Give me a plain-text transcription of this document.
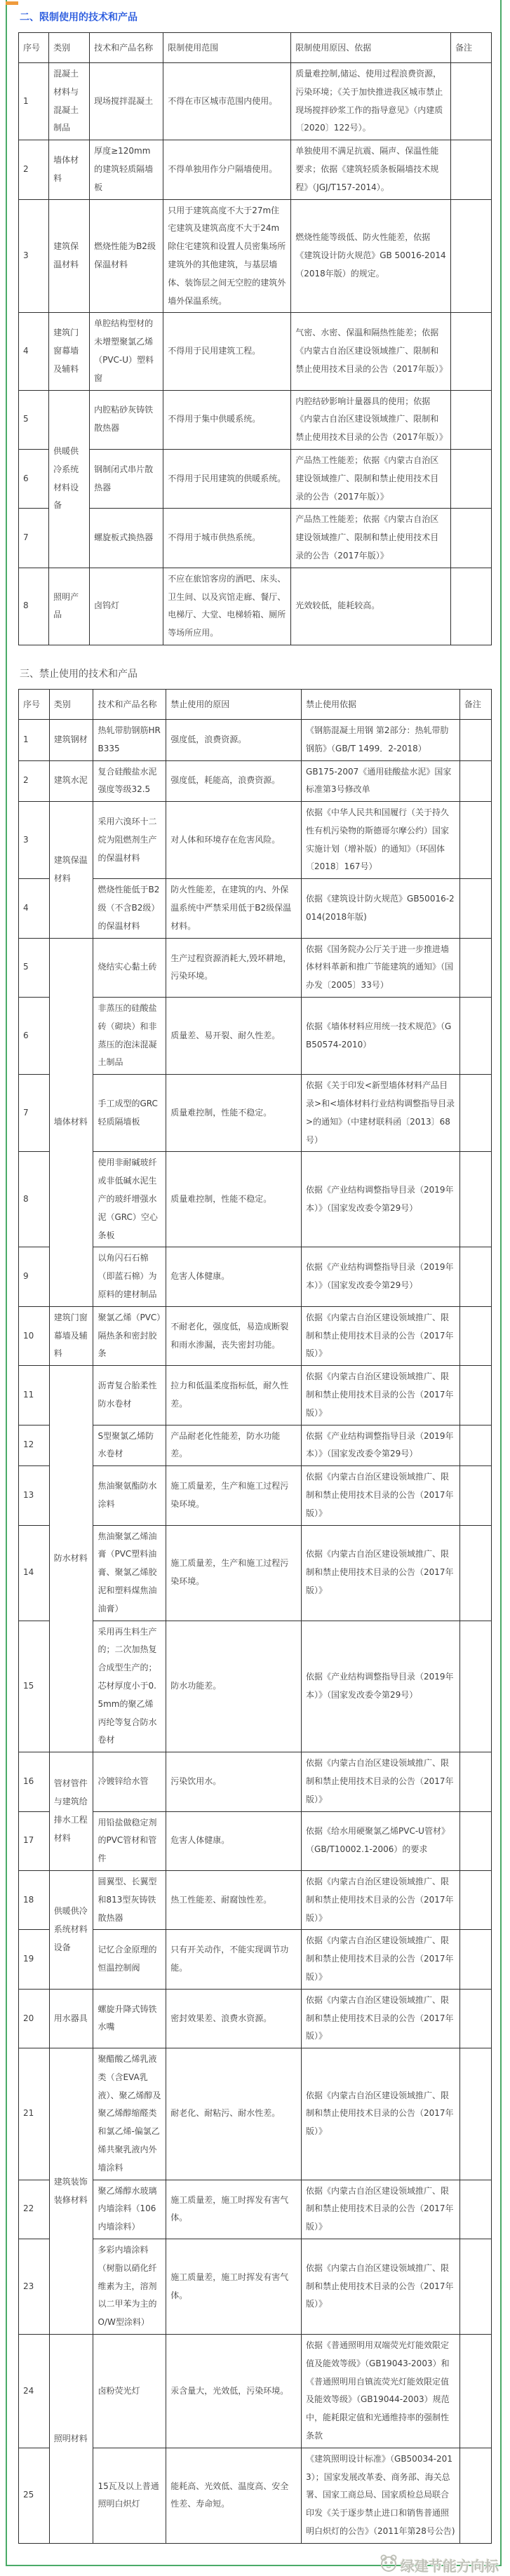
二、限制使用的技术和产品
序号	类别	技术和产品名称	限制使用范围	限制使用原因、依据	备注
1	混凝土材料与混凝土制品	现场搅拌混凝土	不得在市区城市范围内使用。	质量难控制,储运、使用过程浪费资源，污染环境；《关于加快推进我区城市禁止现场搅拌砂浆工作的指导意见》（内建质〔2020〕122号）。	
2	墙体材料	厚度≥120mm的建筑轻质隔墙板	不得单独用作分户隔墙使用。	单独使用不满足抗震、隔声、保温性能要求；依据《建筑轻质条板隔墙技术规程》（JGJ/T157-2014）。	
3	建筑保温材料	燃烧性能为B2级保温材料	只用于建筑高度不大于27m住宅建筑及建筑高度不大于24m除住宅建筑和设置人员密集场所建筑外的其他建筑，与基层墙体、装饰层之间无空腔的建筑外墙外保温系统。	燃烧性能等级低、防火性能差，依据《建筑设计防火规范》GB 50016-2014（2018年版）的规定。	
4	建筑门窗幕墙及辅料	单腔结构型材的未增塑聚氯乙烯（PVC-U）塑料窗	不得用于民用建筑工程。	气密、水密、保温和隔热性能差；依据《内蒙古自治区建设领域推广、限制和禁止使用技术目录的公告（2017年版）》	
5	供暖供冷系统材料设备	内腔粘砂灰铸铁散热器	不得用于集中供暖系统。	内腔结砂影响计量器具的使用；依据《内蒙古自治区建设领域推广、限制和禁止使用技术目录的公告（2017年版）》	
6		钢制闭式串片散热器	不得用于民用建筑的供暖系统。	产品热工性能差；依据《内蒙古自治区建设领域推广、限制和禁止使用技术目录的公告（2017年版）》	
7		螺旋板式换热器	不得用于城市供热系统。	产品热工性能差；依据《内蒙古自治区建设领域推广、限制和禁止使用技术目录的公告（2017年版）》	
8	照明产品	卤钨灯	不应在旅馆客房的酒吧、床头、卫生间、以及宾馆走廊、餐厅、电梯厅、大堂、电梯轿箱、厕所等场所应用。	光效较低，能耗较高。	
三、禁止使用的技术和产品
序号	类别	技术和产品名称	禁止使用的原因	禁止使用依据	备注
1	建筑钢材	热轧带肋钢筋HRB335	强度低，浪费资源。	《钢筋混凝土用钢 第2部分：热轧带肋钢筋》（GB/T 1499．2-2018）	
2	建筑水泥	复合硅酸盐水泥强度等级32.5	强度低，耗能高，浪费资源。	GB175-2007《通用硅酸盐水泥》国家标准第3号修改单	
3	建筑保温材料	采用六溴环十二烷为阻燃剂生产的保温材料	对人体和环境存在危害风险。	依据《中华人民共和国履行（关于持久性有机污染物的斯德哥尔摩公约）国家实施计划（增补版）的通知》（环固体〔2018〕167号）	
4		燃烧性能低于B2级（不含B2级）的保温材料	防火性能差，在建筑的内、外保温系统中严禁采用低于B2级保温材料。	依据《建筑设计防火规范》GB50016-2014(2018年版)	
5	墙体材料	烧结实心黏土砖	生产过程资源消耗大,毁坏耕地，污染环境。	依据《国务院办公厅关于进一步推进墙体材料革新和推广节能建筑的通知》（国办发〔2005〕33号）	
6		非蒸压的硅酸盐砖（砌块）和非蒸压的泡沫混凝土制品	质量差、易开裂、耐久性差。	依据《墙体材料应用统一技术规范》（GB50574-2010）	
7		手工成型的GRC轻质隔墙板	质量难控制，性能不稳定。	依据《关于印发<新型墙体材料产品目录>和<墙体材料行业结构调整指导目录>的通知》（中建材联科函〔2013〕68号）	
8		使用非耐碱玻纤或非低碱水泥生产的玻纤增强水泥（GRC）空心条板	质量难控制，性能不稳定。	依据《产业结构调整指导目录（2019年本）》（国家发改委令第29号）	
9		以角闪石石棉（即蓝石棉）为原料的建材制品	危害人体健康。	依据《产业结构调整指导目录（2019年本）》（国家发改委令第29号）	
10	建筑门窗幕墙及辅料	聚氯乙烯（PVC）隔热条和密封胶条	不耐老化，强度低，易造成断裂和雨水渗漏，丧失密封功能。	依据《内蒙古自治区建设领域推广、限制和禁止使用技术目录的公告（2017年版）》	
11	防水材料	沥青复合胎柔性防水卷材	拉力和低温柔度指标低，耐久性差。	依据《内蒙古自治区建设领域推广、限制和禁止使用技术目录的公告（2017年版）》	
12		S型聚氯乙烯防水卷材	产品耐老化性能差，防水功能差。	依据《产业结构调整指导目录（2019年本）》（国家发改委令第29号）	
13		焦油聚氨酯防水涂料	施工质量差，生产和施工过程污染环境。	依据《内蒙古自治区建设领域推广、限制和禁止使用技术目录的公告（2017年版）》	
14		焦油聚氯乙烯油膏（PVC塑料油膏、聚氯乙烯胶泥和塑料煤焦油油膏）	施工质量差，生产和施工过程污染环境。	依据《内蒙古自治区建设领域推广、限制和禁止使用技术目录的公告（2017年版）》	
15		采用再生料生产的；二次加热复合成型生产的；芯材厚度小于0.5mm的聚乙烯丙纶等复合防水卷材	防水功能差。	依据《产业结构调整指导目录（2019年本）》（国家发改委令第29号）	
16	管材管件与建筑给排水工程材料	冷镀锌给水管	污染饮用水。	依据《内蒙古自治区建设领域推广、限制和禁止使用技术目录的公告（2017年版）》	
17		用铅盐做稳定剂的PVC管材和管件	危害人体健康。	依据《给水用硬聚氯乙烯PVC-U管材》（GB/T10002.1-2006）的要求	
18	供暖供冷系统材料设备	圆翼型、长翼型和813型灰铸铁散热器	热工性能差、耐腐蚀性差。	依据《内蒙古自治区建设领域推广、限制和禁止使用技术目录的公告（2017年版）》	
19		记忆合金原理的恒温控制阀	只有开关动作，不能实现调节功能。	依据《内蒙古自治区建设领域推广、限制和禁止使用技术目录的公告（2017年版）》	
20	用水器具	螺旋升降式铸铁水嘴	密封效果差、浪费水资源。	依据《内蒙古自治区建设领域推广、限制和禁止使用技术目录的公告（2017年版）》	
21	建筑装饰装修材料	聚醋酸乙烯乳液类（含EVA乳液）、聚乙烯醇及聚乙烯醇缩醛类和氯乙烯-偏氯乙烯共聚乳液内外墙涂料	耐老化、耐粘污、耐水性差。	依据《内蒙古自治区建设领域推广、限制和禁止使用技术目录的公告（2017年版）》	
22		聚乙烯醇水玻璃内墙涂料（106内墙涂料）	施工质量差，施工时挥发有害气体。	依据《内蒙古自治区建设领域推广、限制和禁止使用技术目录的公告（2017年版）》	
23		多彩内墙涂料（树脂以硝化纤维素为主，溶剂以二甲苯为主的O/W型涂料）	施工质量差，施工时挥发有害气体。	依据《内蒙古自治区建设领域推广、限制和禁止使用技术目录的公告（2017年版）》	
24	照明材料	卤粉荧光灯	汞含量大，光效低，污染环境。	依据《普通照明用双端荧光灯能效限定值及能效等级》（GB19043-2003）和《普通照明用自镇流荧光灯能效限定值及能效等级》（GB19044-2003）规范中，能耗限定值和光通维持率的强制性条款	
25		15瓦及以上普通照明白炽灯	能耗高、光效低、温度高、安全性差、寿命短。	《建筑照明设计标准》（GB50034-2013）；国家发展改革委、商务部、海关总署、国家工商总局、国家质检总局联合印发《关于逐步禁止进口和销售普通照明白炽灯的公告》（2011年第28号公告)	
绿建节能方向标
